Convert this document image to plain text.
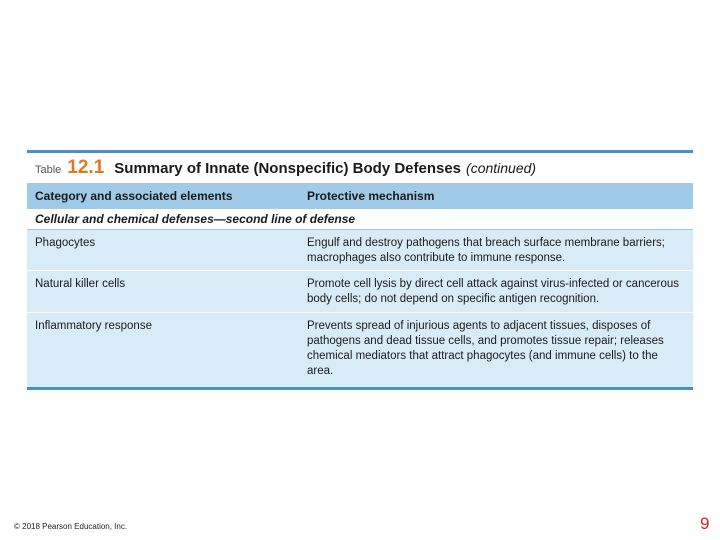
Table 12.1 Summary of Innate (Nonspecific) Body Defenses (continued)
Category and associated elements	Protective mechanism
Cellular and chemical defenses—second line of defense
Phagocytes	Engulf and destroy pathogens that breach surface membrane barriers; macrophages also contribute to immune response.
Natural killer cells	Promote cell lysis by direct cell attack against virus-infected or cancerous body cells; do not depend on specific antigen recognition.
Inflammatory response	Prevents spread of injurious agents to adjacent tissues, disposes of pathogens and dead tissue cells, and promotes tissue repair; releases chemical mediators that attract phagocytes (and immune cells) to the area.
© 2018 Pearson Education, Inc.	9
